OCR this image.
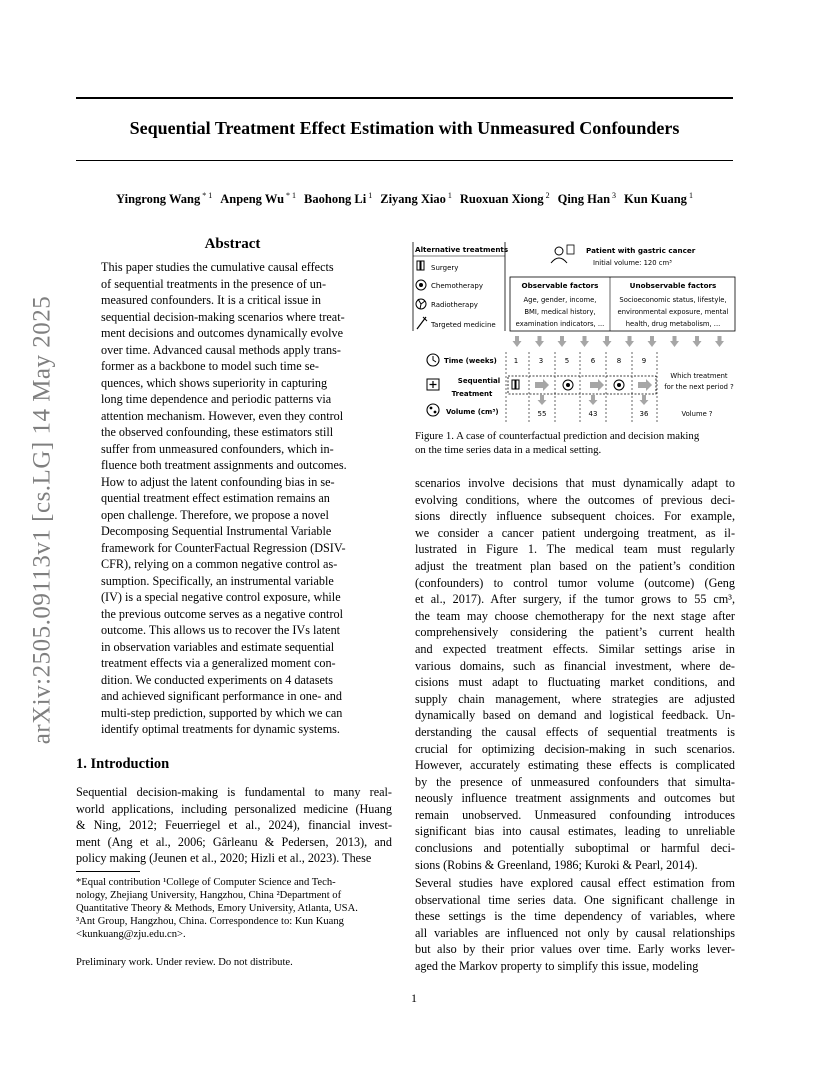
arXiv:2505.09113v1 [cs.LG] 14 May 2025
Sequential Treatment Effect Estimation with Unmeasured Confounders
Yingrong Wang $^{* 1}$ Anpeng Wu $^{* 1}$ Baohong Li $^1$ Ziyang Xiao $^1$ Ruoxuan Xiong $^2$ Qing Han $^3$ Kun Kuang $^1$
Abstract
This paper studies the cumulative causal effects
of sequential treatments in the presence of un-
measured confounders. It is a critical issue in
sequential decision-making scenarios where treat-
ment decisions and outcomes dynamically evolve
over time. Advanced causal methods apply trans-
former as a backbone to model such time se-
quences, which shows superiority in capturing
long time dependence and periodic patterns via
attention mechanism. However, even they control
the observed confounding, these estimators still
suffer from unmeasured confounders, which in-
fluence both treatment assignments and outcomes.
How to adjust the latent confounding bias in se-
quential treatment effect estimation remains an
open challenge. Therefore, we propose a novel
Decomposing Sequential Instrumental Variable
framework for CounterFactual Regression (DSIV-
CFR), relying on a common negative control as-
sumption. Specifically, an instrumental variable
(IV) is a special negative control exposure, while
the previous outcome serves as a negative control
outcome. This allows us to recover the IVs latent
in observation variables and estimate sequential
treatment effects via a generalized moment con-
dition. We conducted experiments on 4 datasets
and achieved significant performance in one- and
multi-step prediction, supported by which we can
identify optimal treatments for dynamic systems.
1. Introduction
Sequential decision-making is fundamental to many real-
world applications, including personalized medicine (Huang
& Ning, 2012; Feuerriegel et al., 2024), financial invest-
ment (Ang et al., 2006; Gârleanu & Pedersen, 2013), and
policy making (Jeunen et al., 2020; Hizli et al., 2023). These
*Equal contribution ¹College of Computer Science and Tech-
nology, Zhejiang University, Hangzhou, China ²Department of
Quantitative Theory & Methods, Emory University, Atlanta, USA.
³Ant Group, Hangzhou, China. Correspondence to: Kun Kuang
<kunkuang@zju.edu.cn>.
Preliminary work. Under review. Do not distribute.
Alternative treatments
Surgery
Chemotherapy
Radiotherapy
Targeted medicine
Patient with gastric cancer
Initial volume: 120 cm³
Observable factors
Age, gender, income,
BMI, medical history,
examination indicators, ...
Unobservable factors
Socioeconomic status, lifestyle,
environmental exposure, mental
health, drug metabolism, ...
Time (weeks) 1	3	5	6	8	9
Sequential
Treatment
Which treatment
for the next period ?
Volume (cm³)	55	43	36	Volume ?
Figure 1. A case of counterfactual prediction and decision making
on the time series data in a medical setting.
scenarios involve decisions that must dynamically adapt to
evolving conditions, where the outcomes of previous deci-
sions directly influence subsequent choices. For example,
we consider a cancer patient undergoing treatment, as il-
lustrated in Figure 1. The medical team must regularly
adjust the treatment plan based on the patient’s condition
(confounders) to control tumor volume (outcome) (Geng
et al., 2017). After surgery, if the tumor grows to 55 cm³,
the team may choose chemotherapy for the next stage after
comprehensively considering the patient’s current health
and expected treatment effects. Similar settings arise in
various domains, such as financial investment, where de-
cisions must adapt to fluctuating market conditions, and
supply chain management, where strategies are adjusted
dynamically based on demand and logistical feedback. Un-
derstanding the causal effects of sequential treatments is
crucial for optimizing decision-making in such scenarios.
However, accurately estimating these effects is complicated
by the presence of unmeasured confounders that simulta-
neously influence treatment assignments and outcomes but
remain unobserved. Unmeasured confounding introduces
significant bias into causal estimates, leading to unreliable
conclusions and potentially suboptimal or harmful deci-
sions (Robins & Greenland, 1986; Kuroki & Pearl, 2014).
Several studies have explored causal effect estimation from
observational time series data. One significant challenge in
these settings is the time dependency of variables, where
all variables are influenced not only by causal relationships
but also by their prior values over time. Early works lever-
aged the Markov property to simplify this issue, modeling
1
